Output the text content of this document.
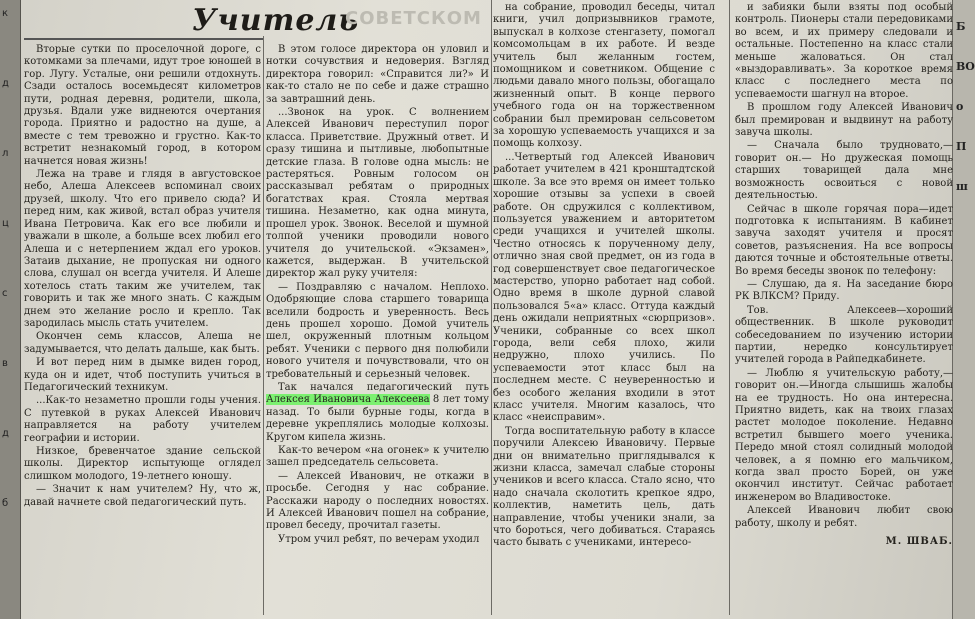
к
д
л
ц
с
в
д
б
Б
ВО
о
П
ш
Учитель
СОВЕТСКОМ

Вторые сутки по проселочной дороге, с котомками за плечами, идут трое юношей в гор. Лугу. Усталые, они решили отдохнуть. Сзади осталось восемьдесят километров пути, родная деревня, родители, школа, друзья. Вдали уже виднеются очертания города. Приятно и радостно на душе, а вместе с тем тревожно и грустно. Как-то встретит незнакомый город, в котором начнется новая жизнь!

Лежа на траве и глядя в августовское небо, Алеша Алексеев вспоминал своих друзей, школу. Что его привело сюда? И перед ним, как живой, встал образ учителя Ивана Петровича. Как его все любили и уважали в школе, а больше всех любил его Алеша и с нетерпением ждал его уроков. Затаив дыхание, не пропуская ни одного слова, слушал он всегда учителя. И Алеше хотелось стать таким же учителем, так говорить и так же много знать. С каждым днем это желание росло и крепло. Так зародилась мысль стать учителем.

Окончен семь классов, Алеша не задумывается, что делать дальше, как быть.

И вот перед ним в дымке виден город, куда он и идет, чтоб поступить учиться в Педагогический техникум.

...Как-то незаметно прошли годы учения. С путевкой в руках Алексей Иванович направляется на работу учителем географии и истории.

Низкое, бревенчатое здание сельской школы. Директор испытующе оглядел слишком молодого, 19-летнего юношу.

— Значит к нам учителем? Ну, что ж, давай начнете свой педагогический путь.

В этом голосе директора он уловил и нотки сочувствия и недоверия. Взгляд директора говорил: «Справится ли?» И как-то стало не по себе и даже страшно за завтрашний день.

...Звонок на урок. С волнением Алексей Иванович переступил порог класса. Приветствие. Дружный ответ. И сразу тишина и пытливые, любопытные детские глаза. В голове одна мысль: не растеряться. Ровным голосом он рассказывал ребятам о природных богатствах края. Стояла мертвая тишина. Незаметно, как одна минута, прошел урок. Звонок. Веселой и шумной толпой ученики проводили нового учителя до учительской. «Экзамен», кажется, выдержан. В учительской директор жал руку учителя:

— Поздравляю с началом. Неплохо. Одобряющие слова старшего товарища вселили бодрость и уверенность. Весь день прошел хорошо. Домой учитель шел, окруженный плотным кольцом ребят. Ученики с первого дня полюбили нового учителя и почувствовали, что он требовательный и серьезный человек.

Так начался педагогический путь Алексея Ивановича Алексеева 8 лет тому назад. То были бурные годы, когда в деревне укреплялись молодые колхозы. Кругом кипела жизнь.

Как-то вечером «на огонек» к учителю зашел председатель сельсовета.

— Алексей Иванович, не откажи в просьбе. Сегодня у нас собрание. Расскажи народу о последних новостях. И Алексей Иванович пошел на собрание, провел беседу, прочитал газеты.

Утром учил ребят, по вечерам уходил

на собрание, проводил беседы, читал книги, учил допризывников грамоте, выпускал в колхозе стенгазету, помогал комсомольцам в их работе. И везде учитель был желанным гостем, помощником и советником. Общение с людьми давало много пользы, обогащало жизненный опыт. В конце первого учебного года он на торжественном собрании был премирован сельсоветом за хорошую успеваемость учащихся и за помощь колхозу.

...Четвертый год Алексей Иванович работает учителем в 421 кронштадтской школе. За все это время он имеет только хорошие отзывы за успехи в своей работе. Он сдружился с коллективом, пользуется уважением и авторитетом среди учащихся и учителей школы. Честно относясь к порученному делу, отлично зная свой предмет, он из года в год совершенствует свое педагогическое мастерство, упорно работает над собой. Одно время в школе дурной славой пользовался 5«а» класс. Оттуда каждый день ожидали неприятных «сюрпризов». Ученики, собранные со всех школ города, вели себя плохо, жили недружно, плохо учились. По успеваемости этот класс был на последнем месте. С неуверенностью и без особого желания входили в этот класс учителя. Многим казалось, что класс «неисправим».

Тогда воспитательную работу в классе поручили Алексею Ивановичу. Первые дни он внимательно приглядывался к жизни класса, замечал слабые стороны учеников и всего класса. Стало ясно, что надо сначала сколотить крепкое ядро, коллектив, наметить цель, дать направление, чтобы ученики знали, за что бороться, чего добиваться. Стараясь часто бывать с учениками, интересо-

и забияки были взяты под особый контроль. Пионеры стали передовиками во всем, и их примеру следовали и остальные. Постепенно на класс стали меньше жаловаться. Он стал «выздоравливать». За короткое время класс с последнего места по успеваемости шагнул на второе.

В прошлом году Алексей Иванович был премирован и выдвинут на работу завуча школы.

— Сначала было трудновато,— говорит он.— Но дружеская помощь старших товарищей дала мне возможность освоиться с новой деятельностью.

Сейчас в школе горячая пора—идет подготовка к испытаниям. В кабинет завуча заходят учителя и просят советов, разъяснения. На все вопросы даются точные и обстоятельные ответы. Во время беседы звонок по телефону:

— Слушаю, да я. На заседание бюро РК ВЛКСМ? Приду.

Тов. Алексеев—хороший общественник. В школе руководит собеседованием по изучению истории партии, нередко консультирует учителей города в Райпедкабинете.

— Люблю я учительскую работу,—говорит он.—Иногда слышишь жалобы на ее трудность. Но она интересна. Приятно видеть, как на твоих глазах растет молодое поколение. Недавно встретил бывшего моего ученика. Передо мной стоял солидный молодой человек, а я помню его мальчиком, когда звал просто Борей, он уже окончил институт. Сейчас работает инженером во Владивостоке.

Алексей Иванович любит свою работу, школу и ребят.

М. ШВАБ.
